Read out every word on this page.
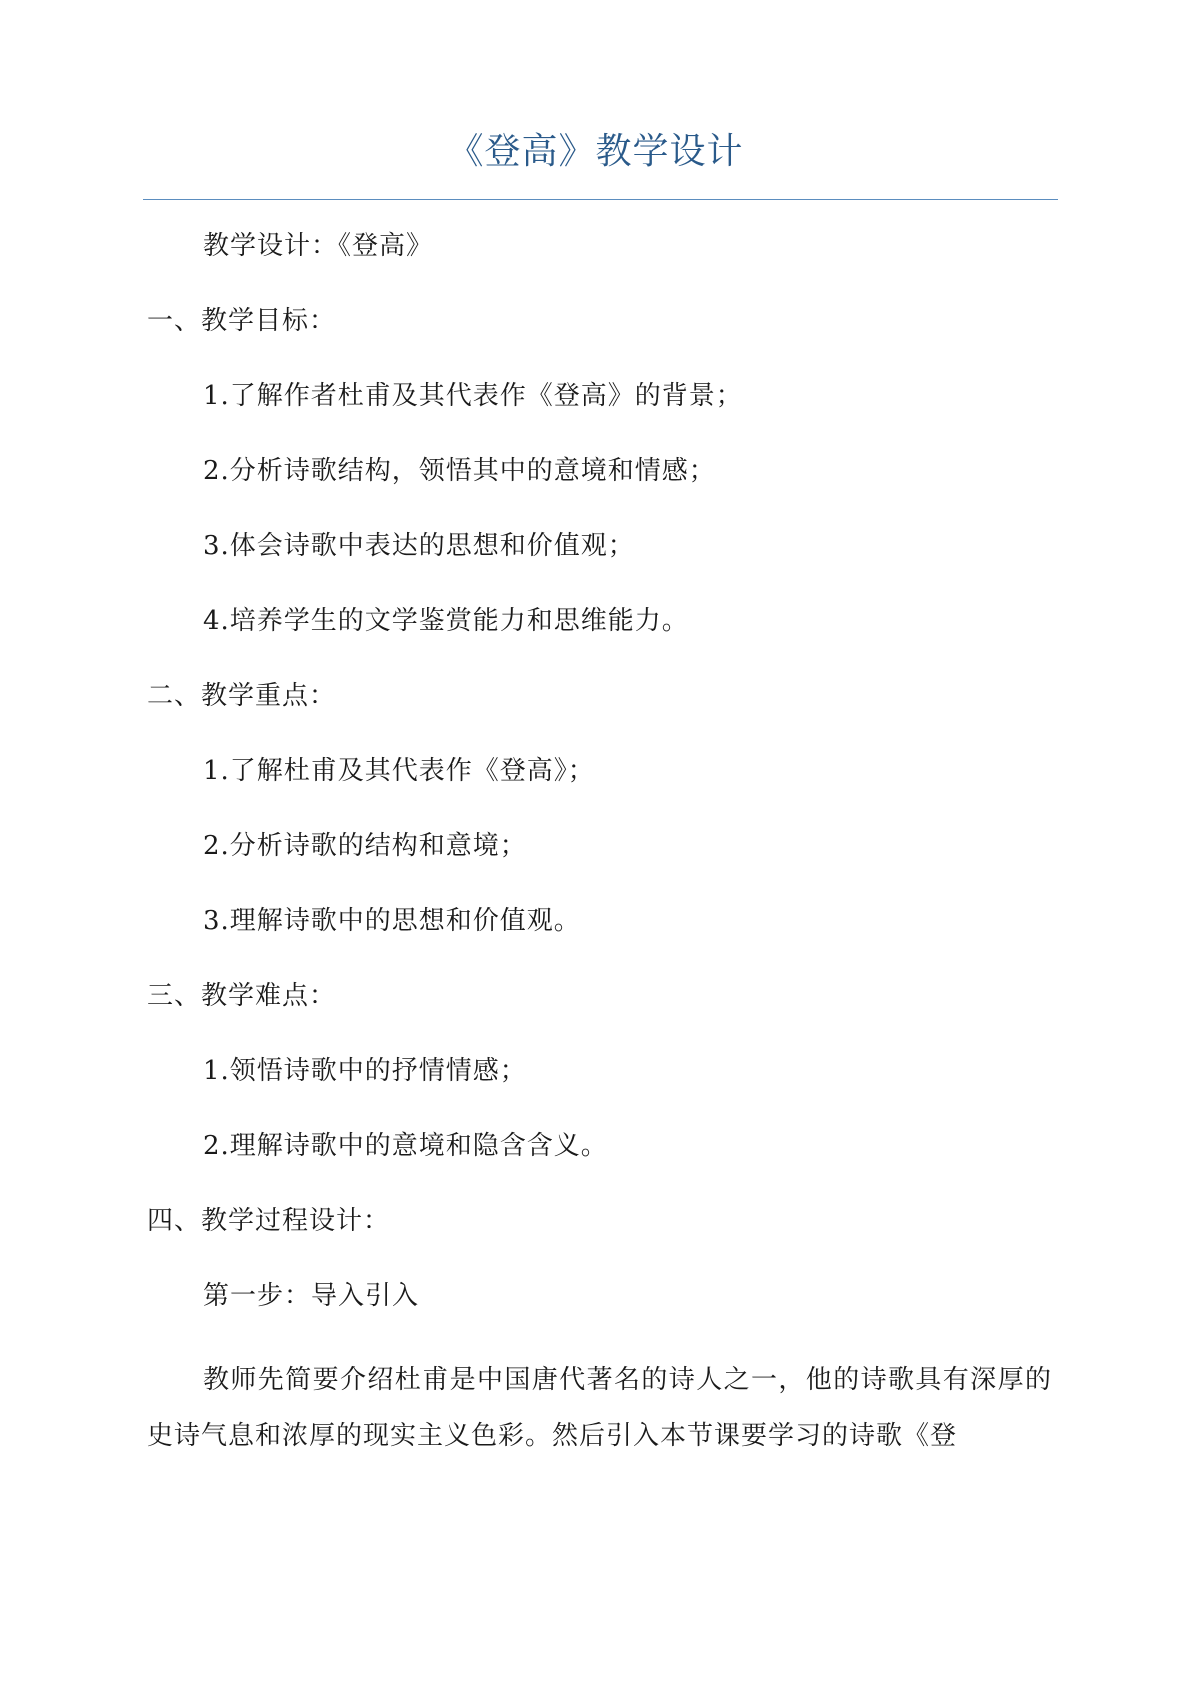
《登高》教学设计
教学设计：《登高》
一、教学目标：
1.了解作者杜甫及其代表作《登高》的背景；
2.分析诗歌结构，领悟其中的意境和情感；
3.体会诗歌中表达的思想和价值观；
4.培养学生的文学鉴赏能力和思维能力。
二、教学重点：
1.了解杜甫及其代表作《登高》；
2.分析诗歌的结构和意境；
3.理解诗歌中的思想和价值观。
三、教学难点：
1.领悟诗歌中的抒情情感；
2.理解诗歌中的意境和隐含含义。
四、教学过程设计：
第一步：导入引入
教师先简要介绍杜甫是中国唐代著名的诗人之一，他的诗歌具有深厚的史诗气息和浓厚的现实主义色彩。然后引入本节课要学习的诗歌《登
